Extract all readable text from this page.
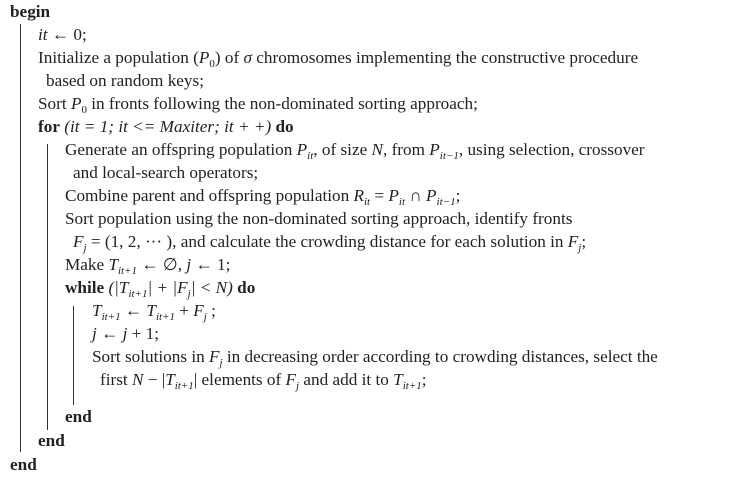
begin
it ← 0;
Initialize a population $(P_0)$ of σ chromosomes implementing the constructive procedure
based on random keys;
Sort $P_0$ in fronts following the non-dominated sorting approach;
for (it = 1; it <= Maxiter; it + +) do
Generate an offspring population $P_{it}$, of size N, from $P_{it-1}$, using selection, crossover
and local-search operators;
Combine parent and offspring population $R_{it} = P_{it}$ ∩ $P_{it-1}$;
Sort population using the non-dominated sorting approach, identify fronts
$F_j = (1$, 2, ··· ), and calculate the crowding distance for each solution in $F_j$;
Make $T_{it+1}$ ← ∅, j ← 1;
while $(|T_{it+1}| + |F_j| < N)$ do
$T_{it+1}$ ← $T_{it+1} + F_j$ ;
j ← j + 1;
Sort solutions in $F_j$ in decreasing order according to crowding distances, select the
first $N - |T_{it+1}|$ elements of $F_j$ and add it to $T_{it+1}$;
end
end
end
